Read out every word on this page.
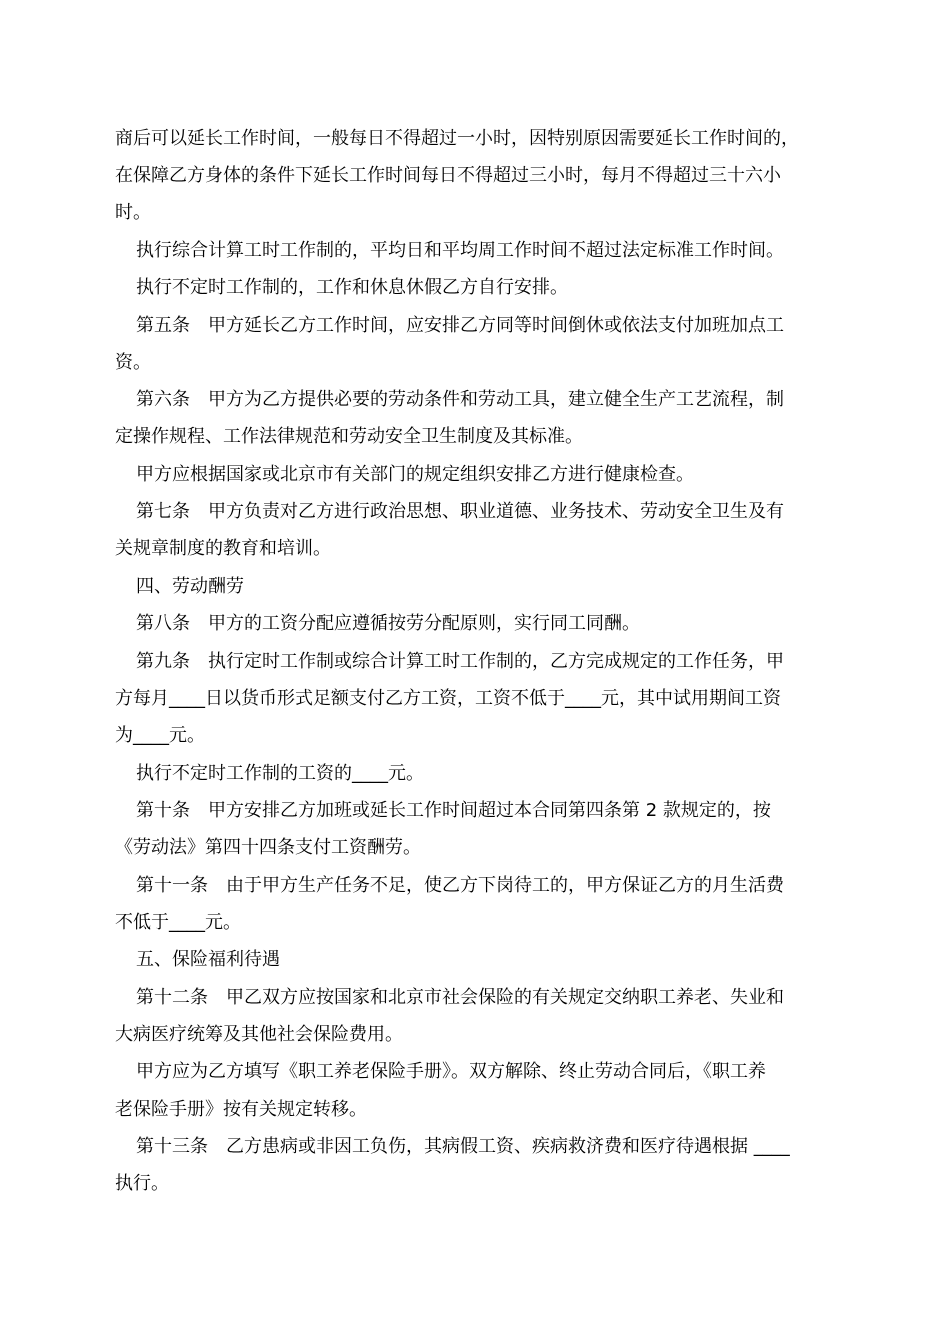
商后可以延长工作时间，一般每日不得超过一小时，因特别原因需要延长工作时间的，
在保障乙方身体的条件下延长工作时间每日不得超过三小时，每月不得超过三十六小
时。
执行综合计算工时工作制的，平均日和平均周工作时间不超过法定标准工作时间。
执行不定时工作制的，工作和休息休假乙方自行安排。
第五条　甲方延长乙方工作时间，应安排乙方同等时间倒休或依法支付加班加点工
资。
第六条　甲方为乙方提供必要的劳动条件和劳动工具，建立健全生产工艺流程，制
定操作规程、工作法律规范和劳动安全卫生制度及其标准。
甲方应根据国家或北京市有关部门的规定组织安排乙方进行健康检查。
第七条　甲方负责对乙方进行政治思想、职业道德、业务技术、劳动安全卫生及有
关规章制度的教育和培训。
四、劳动酬劳
第八条　甲方的工资分配应遵循按劳分配原则，实行同工同酬。
第九条　执行定时工作制或综合计算工时工作制的，乙方完成规定的工作任务，甲
方每月____日以货币形式足额支付乙方工资，工资不低于____元，其中试用期间工资
为____元。
执行不定时工作制的工资的____元。
第十条　甲方安排乙方加班或延长工作时间超过本合同第四条第 2 款规定的，按
《劳动法》第四十四条支付工资酬劳。
第十一条　由于甲方生产任务不足，使乙方下岗待工的，甲方保证乙方的月生活费
不低于____元。
五、保险福利待遇
第十二条　甲乙双方应按国家和北京市社会保险的有关规定交纳职工养老、失业和
大病医疗统筹及其他社会保险费用。
甲方应为乙方填写《职工养老保险手册》。双方解除、终止劳动合同后，《职工养
老保险手册》按有关规定转移。
第十三条　乙方患病或非因工负伤，其病假工资、疾病救济费和医疗待遇根据 ____
执行。
